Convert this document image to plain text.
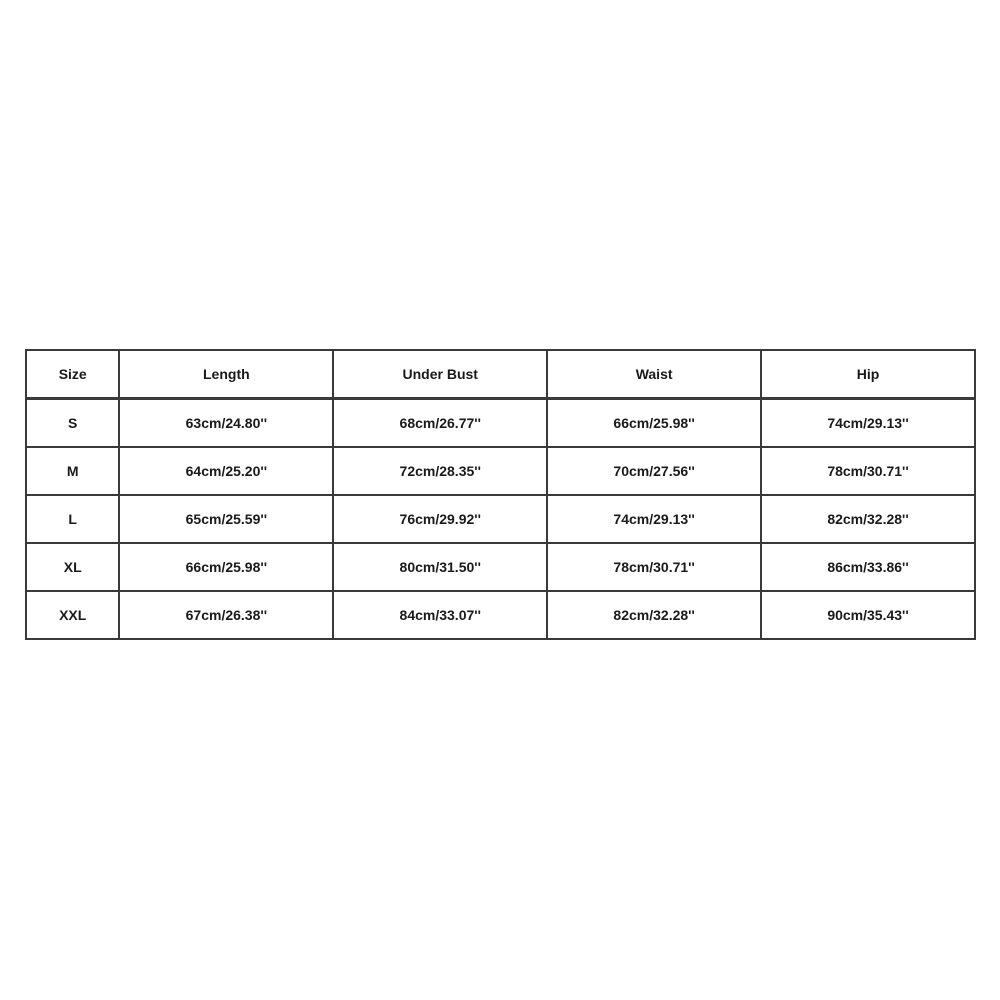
Size	Length	Under Bust	Waist	Hip
S	63cm/24.80''	68cm/26.77''	66cm/25.98''	74cm/29.13''
M	64cm/25.20''	72cm/28.35''	70cm/27.56''	78cm/30.71''
L	65cm/25.59''	76cm/29.92''	74cm/29.13''	82cm/32.28''
XL	66cm/25.98''	80cm/31.50''	78cm/30.71''	86cm/33.86''
XXL	67cm/26.38''	84cm/33.07''	82cm/32.28''	90cm/35.43''
